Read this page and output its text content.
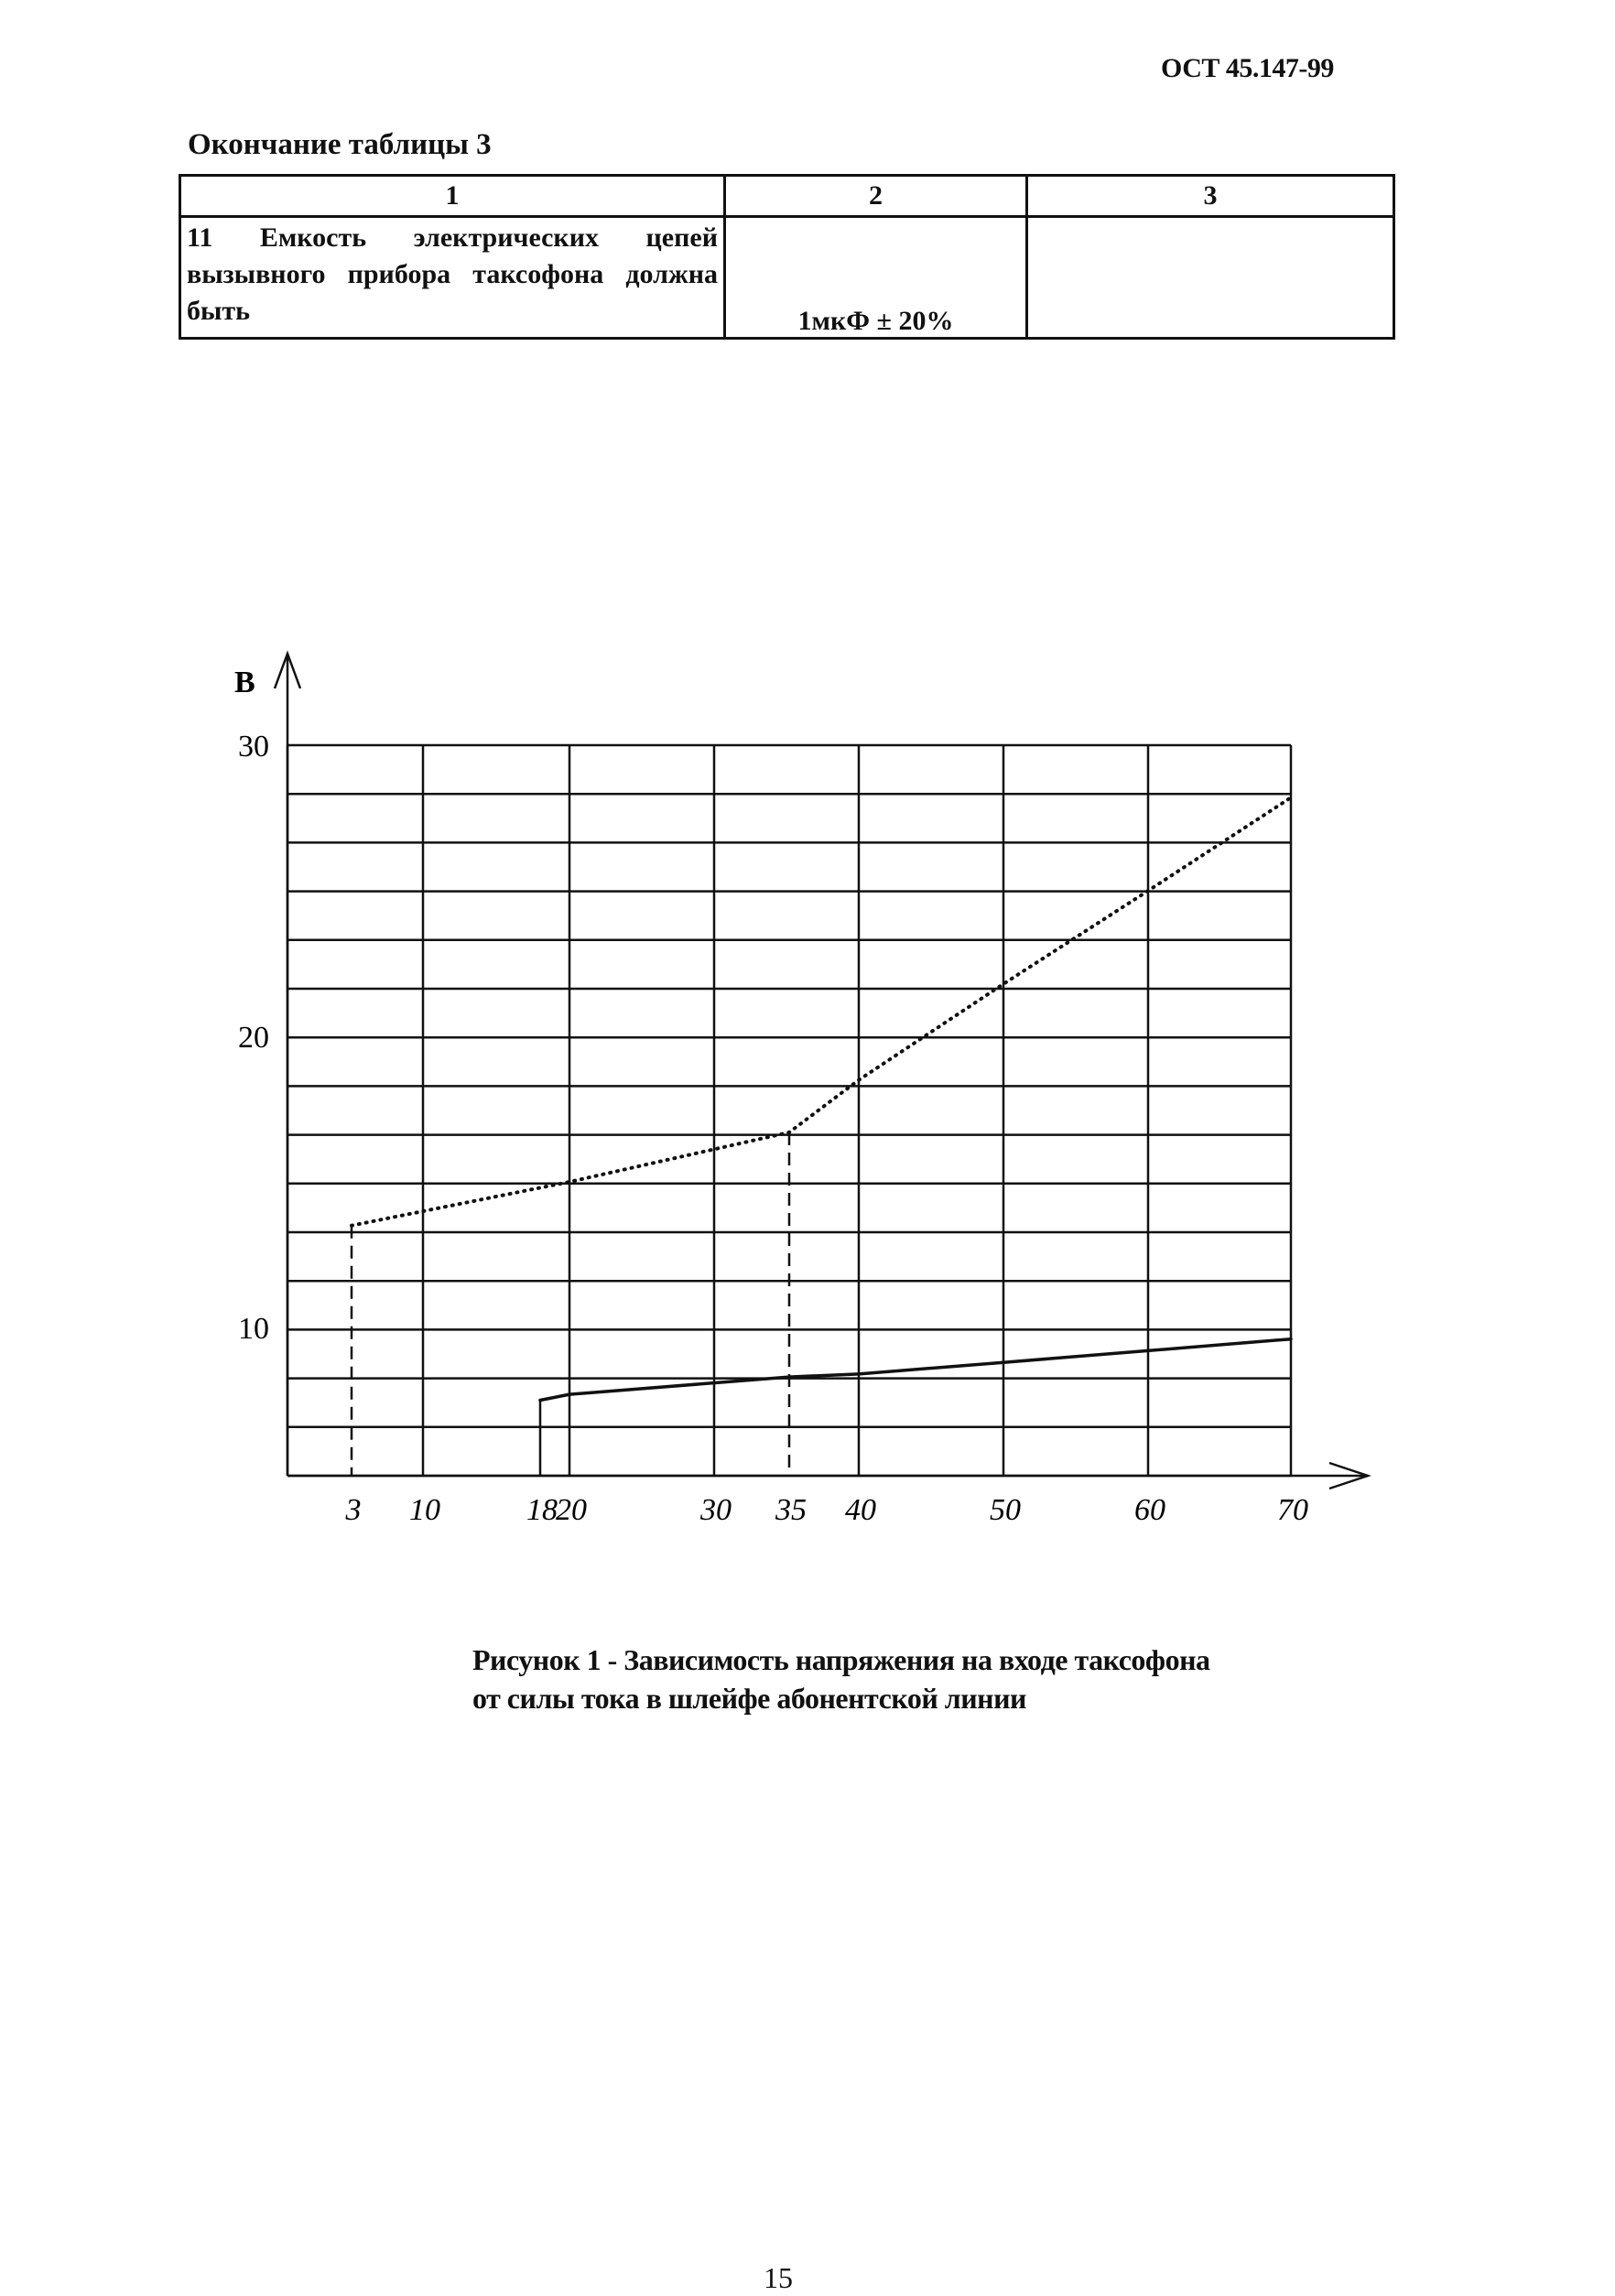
ОСТ 45.147-99
Окончание таблицы 3
1	2	3
11 Емкость электрических цепей вызывного прибора таксофона должна быть	1мкФ ± 20%	
В
10
20
30
3 10	18
20	30 35 40	50	60	70
Рисунок 1 - Зависимость напряжения на входе таксофона
от силы тока в шлейфе абонентской линии
15
